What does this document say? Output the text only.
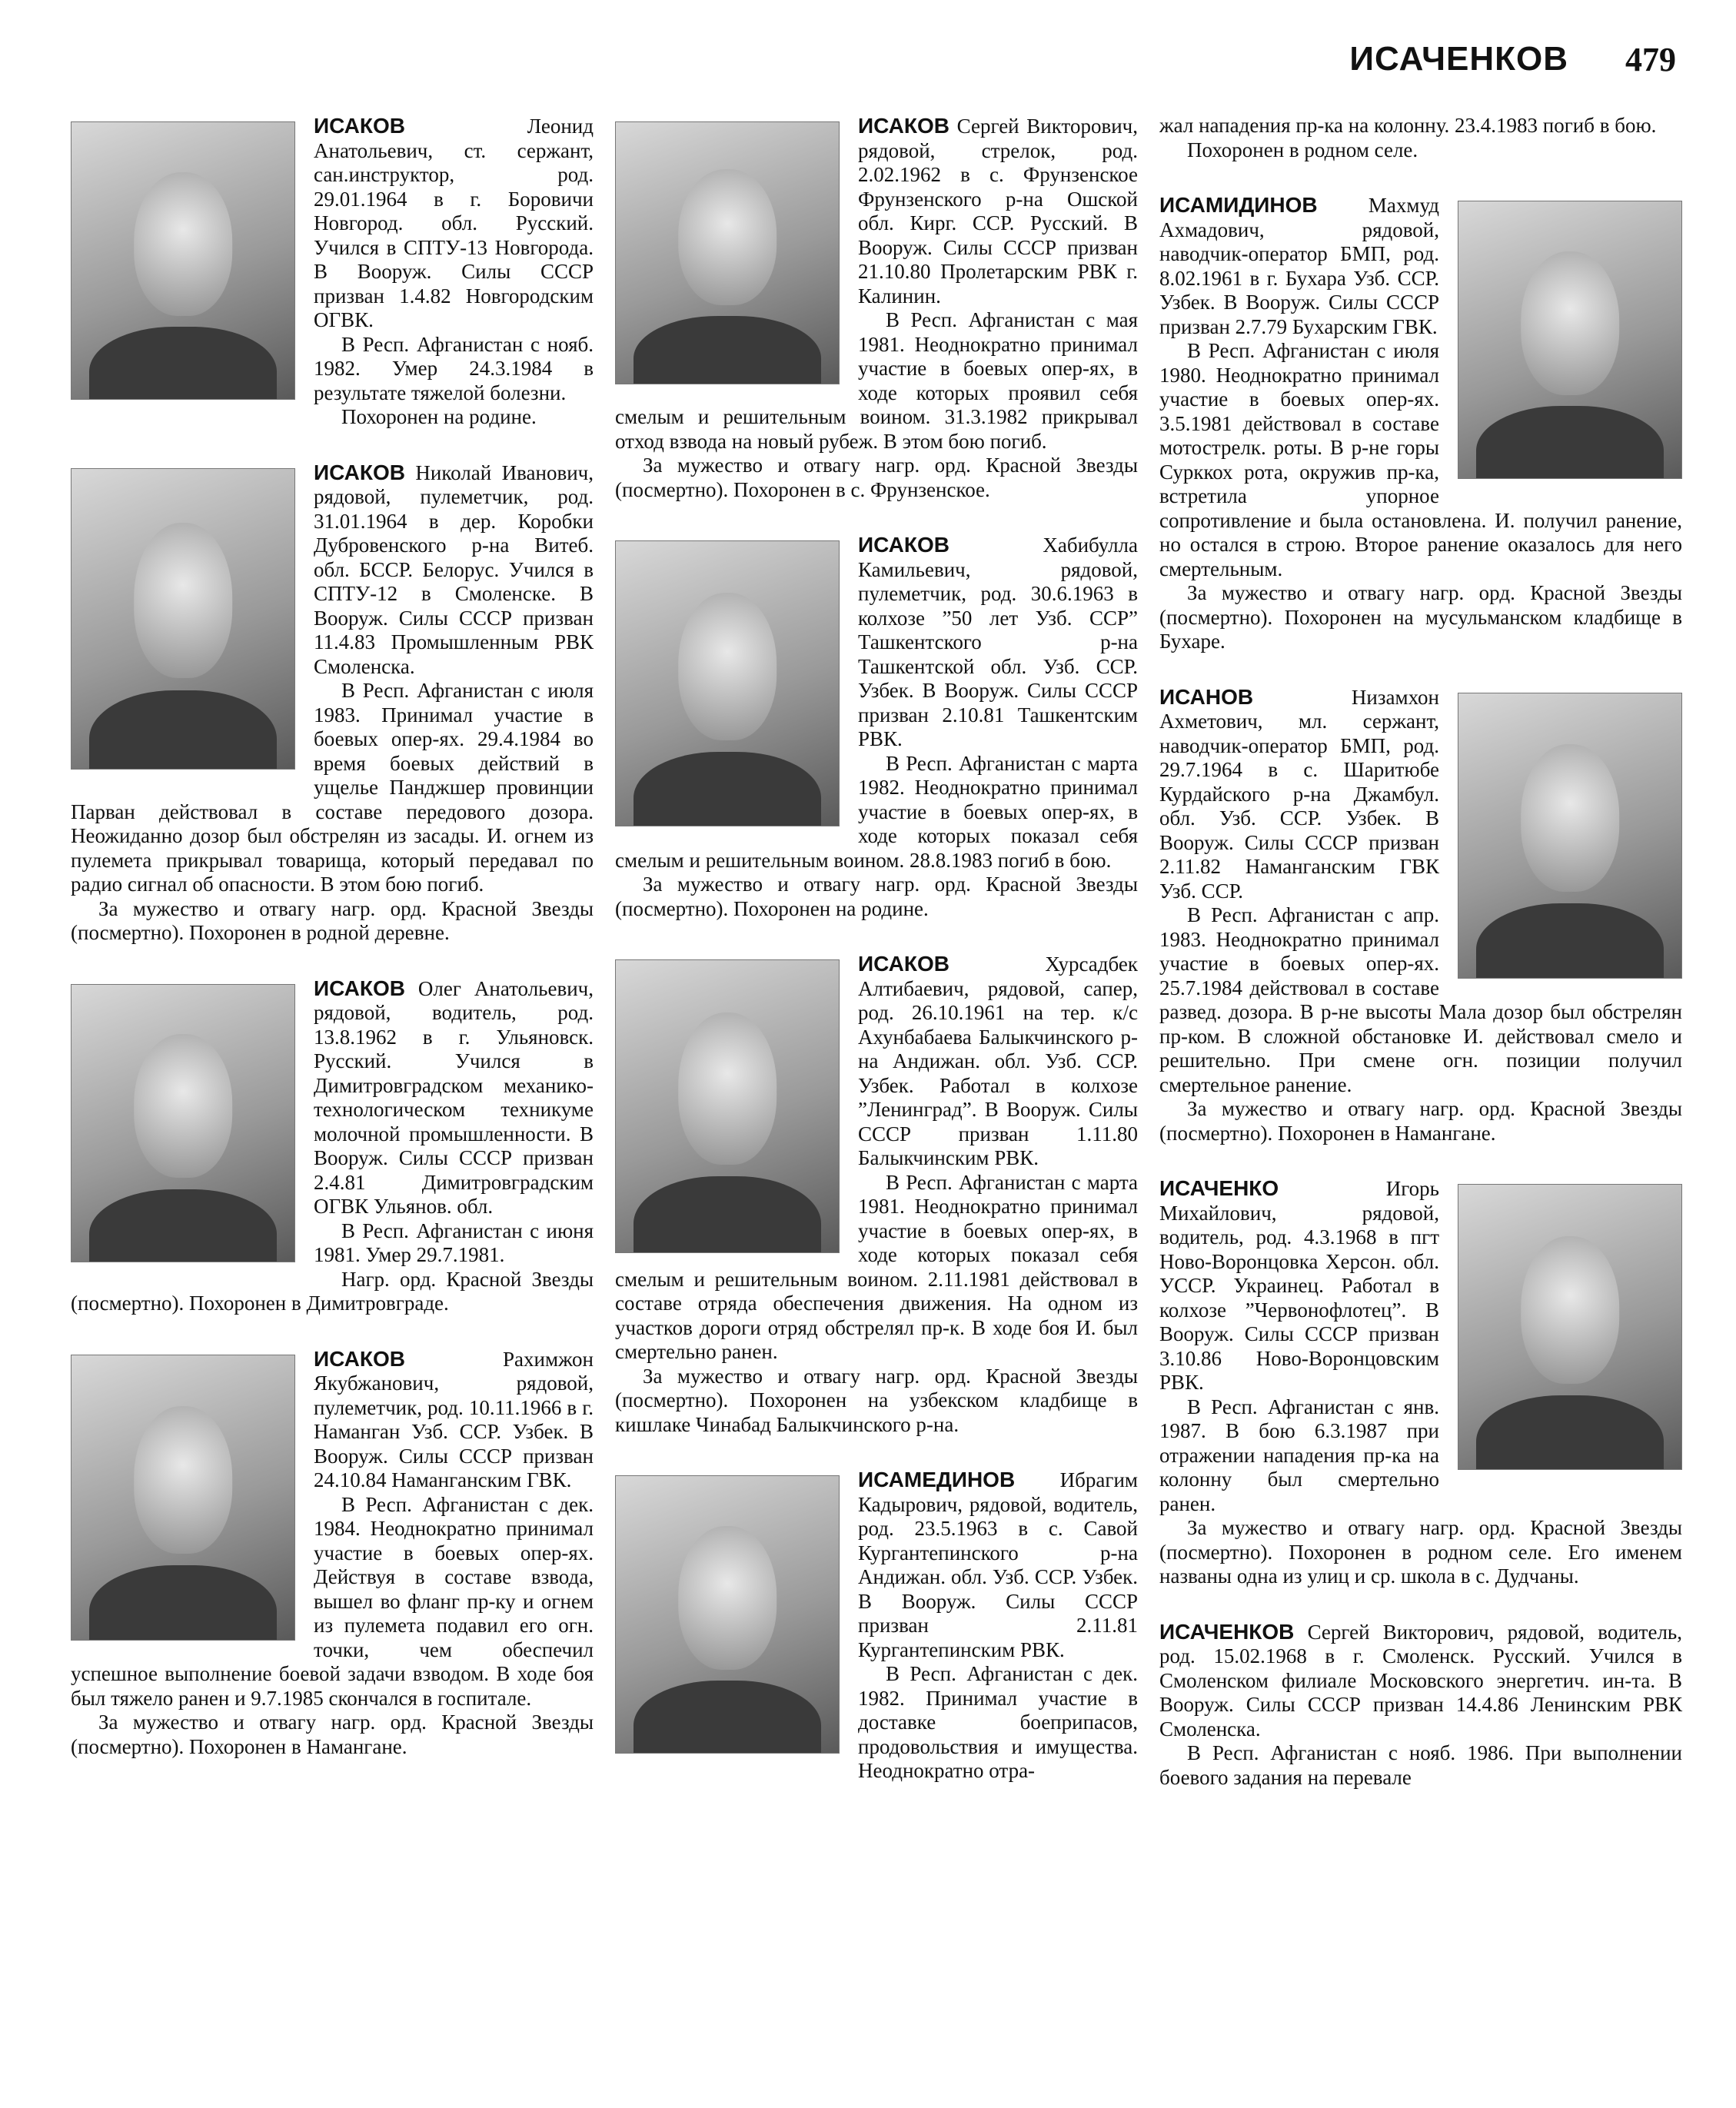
ИСАЧЕНКОВ 479

ИСАКОВ Леонид Анатольевич, ст. сержант, сан.инструктор, род. 29.01.1964 в г. Боровичи Новгород. обл. Русский. Учился в СПТУ-13 Новгорода. В Вооруж. Силы СССР призван 1.4.82 Новгородским ОГВК.

В Респ. Афганистан с нояб. 1982. Умер 24.3.1984 в результате тяжелой болезни.

Похоронен на родине.

ИСАКОВ Николай Иванович, рядовой, пулеметчик, род. 31.01.1964 в дер. Коробки Дубровенского р-на Витеб. обл. БССР. Белорус. Учился в СПТУ-12 в Смоленске. В Вооруж. Силы СССР призван 11.4.83 Промышленным РВК Смоленска.

В Респ. Афганистан с июля 1983. Принимал участие в боевых опер-ях. 29.4.1984 во время боевых действий в ущелье Панджшер провинции Парван действовал в составе передового дозора. Неожиданно дозор был обстрелян из засады. И. огнем из пулемета прикрывал товарища, который передавал по радио сигнал об опасности. В этом бою погиб.

За мужество и отвагу нагр. орд. Красной Звезды (посмертно). Похоронен в родной деревне.

ИСАКОВ Олег Анатольевич, рядовой, водитель, род. 13.8.1962 в г. Ульяновск. Русский. Учился в Димитровградском механико-технологическом техникуме молочной промышленности. В Вооруж. Силы СССР призван 2.4.81 Димитровградским ОГВК Ульянов. обл.

В Респ. Афганистан с июня 1981. Умер 29.7.1981.

Нагр. орд. Красной Звезды (посмертно). Похоронен в Димитровграде.

ИСАКОВ Рахимжон Якубжанович, рядовой, пулеметчик, род. 10.11.1966 в г. Наманган Узб. ССР. Узбек. В Вооруж. Силы СССР призван 24.10.84 Наманганским ГВК.

В Респ. Афганистан с дек. 1984. Неоднократно принимал участие в боевых опер-ях. Действуя в составе взвода, вышел во фланг пр-ку и огнем из пулемета подавил его огн. точки, чем обеспечил успешное выполнение боевой задачи взводом. В ходе боя был тяжело ранен и 9.7.1985 скончался в госпитале.

За мужество и отвагу нагр. орд. Красной Звезды (посмертно). Похоронен в Намангане.

ИСАКОВ Сергей Викторович, рядовой, стрелок, род. 2.02.1962 в с. Фрунзенское Фрунзенского р-на Ошской обл. Кирг. ССР. Русский. В Вооруж. Силы СССР призван 21.10.80 Пролетарским РВК г. Калинин.

В Респ. Афганистан с мая 1981. Неоднократно принимал участие в боевых опер-ях, в ходе которых проявил себя смелым и решительным воином. 31.3.1982 прикрывал отход взвода на новый рубеж. В этом бою погиб.

За мужество и отвагу нагр. орд. Красной Звезды (посмертно). Похоронен в с. Фрунзенское.

ИСАКОВ Хабибулла Камильевич, рядовой, пулеметчик, род. 30.6.1963 в колхозе ”50 лет Узб. ССР” Ташкентского р-на Ташкентской обл. Узб. ССР. Узбек. В Вооруж. Силы СССР призван 2.10.81 Ташкентским РВК.

В Респ. Афганистан с марта 1982. Неоднократно принимал участие в боевых опер-ях, в ходе которых показал себя смелым и решительным воином. 28.8.1983 погиб в бою.

За мужество и отвагу нагр. орд. Красной Звезды (посмертно). Похоронен на родине.

ИСАКОВ Хурсадбек Алтибаевич, рядовой, сапер, род. 26.10.1961 на тер. к/с Ахунбабаева Балыкчинского р-на Андижан. обл. Узб. ССР. Узбек. Работал в колхозе ”Ленинград”. В Вооруж. Силы СССР призван 1.11.80 Балыкчинским РВК.

В Респ. Афганистан с марта 1981. Неоднократно принимал участие в боевых опер-ях, в ходе которых показал себя смелым и решительным воином. 2.11.1981 действовал в составе отряда обеспечения движения. На одном из участков дороги отряд обстрелял пр-к. В ходе боя И. был смертельно ранен.

За мужество и отвагу нагр. орд. Красной Звезды (посмертно). Похоронен на узбекском кладбище в кишлаке Чинабад Балыкчинского р-на.

ИСАМЕДИНОВ Ибрагим Кадырович, рядовой, водитель, род. 23.5.1963 в с. Савой Кургантепинского р-на Андижан. обл. Узб. ССР. Узбек. В Вооруж. Силы СССР призван 2.11.81 Кургантепинским РВК.

В Респ. Афганистан с дек. 1982. Принимал участие в доставке боеприпасов, продовольствия и имущества. Неоднократно отра-

жал нападения пр-ка на колонну. 23.4.1983 погиб в бою.

Похоронен в родном селе.

ИСАМИДИНОВ Махмуд Ахмадович, рядовой, наводчик-оператор БМП, род. 8.02.1961 в г. Бухара Узб. ССР. Узбек. В Вооруж. Силы СССР призван 2.7.79 Бухарским ГВК.

В Респ. Афганистан с июля 1980. Неоднократно принимал участие в боевых опер-ях. 3.5.1981 действовал в составе мотострелк. роты. В р-не горы Сурккох рота, окружив пр-ка, встретила упорное сопротивление и была остановлена. И. получил ранение, но остался в строю. Второе ранение оказалось для него смертельным.

За мужество и отвагу нагр. орд. Красной Звезды (посмертно). Похоронен на мусульманском кладбище в Бухаре.

ИСАНОВ Низамхон Ахметович, мл. сержант, наводчик-оператор БМП, род. 29.7.1964 в с. Шаритюбе Курдайского р-на Джамбул. обл. Узб. ССР. Узбек. В Вооруж. Силы СССР призван 2.11.82 Наманганским ГВК Узб. ССР.

В Респ. Афганистан с апр. 1983. Неоднократно принимал участие в боевых опер-ях. 25.7.1984 действовал в составе развед. дозора. В р-не высоты Мала дозор был обстрелян пр-ком. В сложной обстановке И. действовал смело и решительно. При смене огн. позиции получил смертельное ранение.

За мужество и отвагу нагр. орд. Красной Звезды (посмертно). Похоронен в Намангане.

ИСАЧЕНКО Игорь Михайлович, рядовой, водитель, род. 4.3.1968 в пгт Ново-Воронцовка Херсон. обл. УССР. Украинец. Работал в колхозе ”Червонофлотец”. В Вооруж. Силы СССР призван 3.10.86 Ново-Воронцовским РВК.

В Респ. Афганистан с янв. 1987. В бою 6.3.1987 при отражении нападения пр-ка на колонну был смертельно ранен.

За мужество и отвагу нагр. орд. Красной Звезды (посмертно). Похоронен в родном селе. Его именем названы одна из улиц и ср. школа в с. Дудчаны.

ИСАЧЕНКОВ Сергей Викторович, рядовой, водитель, род. 15.02.1968 в г. Смоленск. Русский. Учился в Смоленском филиале Московского энергетич. ин-та. В Вооруж. Силы СССР призван 14.4.86 Ленинским РВК Смоленска.

В Респ. Афганистан с нояб. 1986. При выполнении боевого задания на перевале
